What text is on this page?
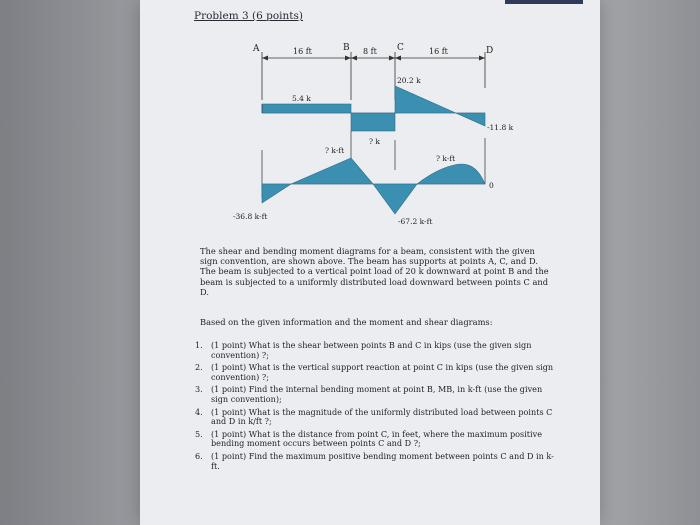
Problem 3 (6 points)
A	B	C	D
16 ft	8 ft	16 ft
20.2 k
5.4 k
-11.8 k
? k
? k-ft
? k-ft
0
-36.8 k-ft
-67.2 k-ft

The shear and bending moment diagrams for a beam, consistent with the given sign convention, are shown above. The beam has supports at points A, C, and D. The beam is subjected to a vertical point load of 20 k downward at point B and the beam is subjected to a uniformly distributed load downward between points C and D.

Based on the given information and the moment and shear diagrams:
1.	(1 point) What is the shear between points B and C in kips (use the given sign convention) ?;
2.	(1 point) What is the vertical support reaction at point C in kips (use the given sign convention) ?;
3.	(1 point) Find the internal bending moment at point B, MB, in k-ft (use the given sign convention);
4.	(1 point) What is the magnitude of the uniformly distributed load between points C and D in k/ft ?;
5.	(1 point) What is the distance from point C, in feet, where the maximum positive bending moment occurs between points C and D ?;
6.	(1 point) Find the maximum positive bending moment between points C and D in k-ft.
